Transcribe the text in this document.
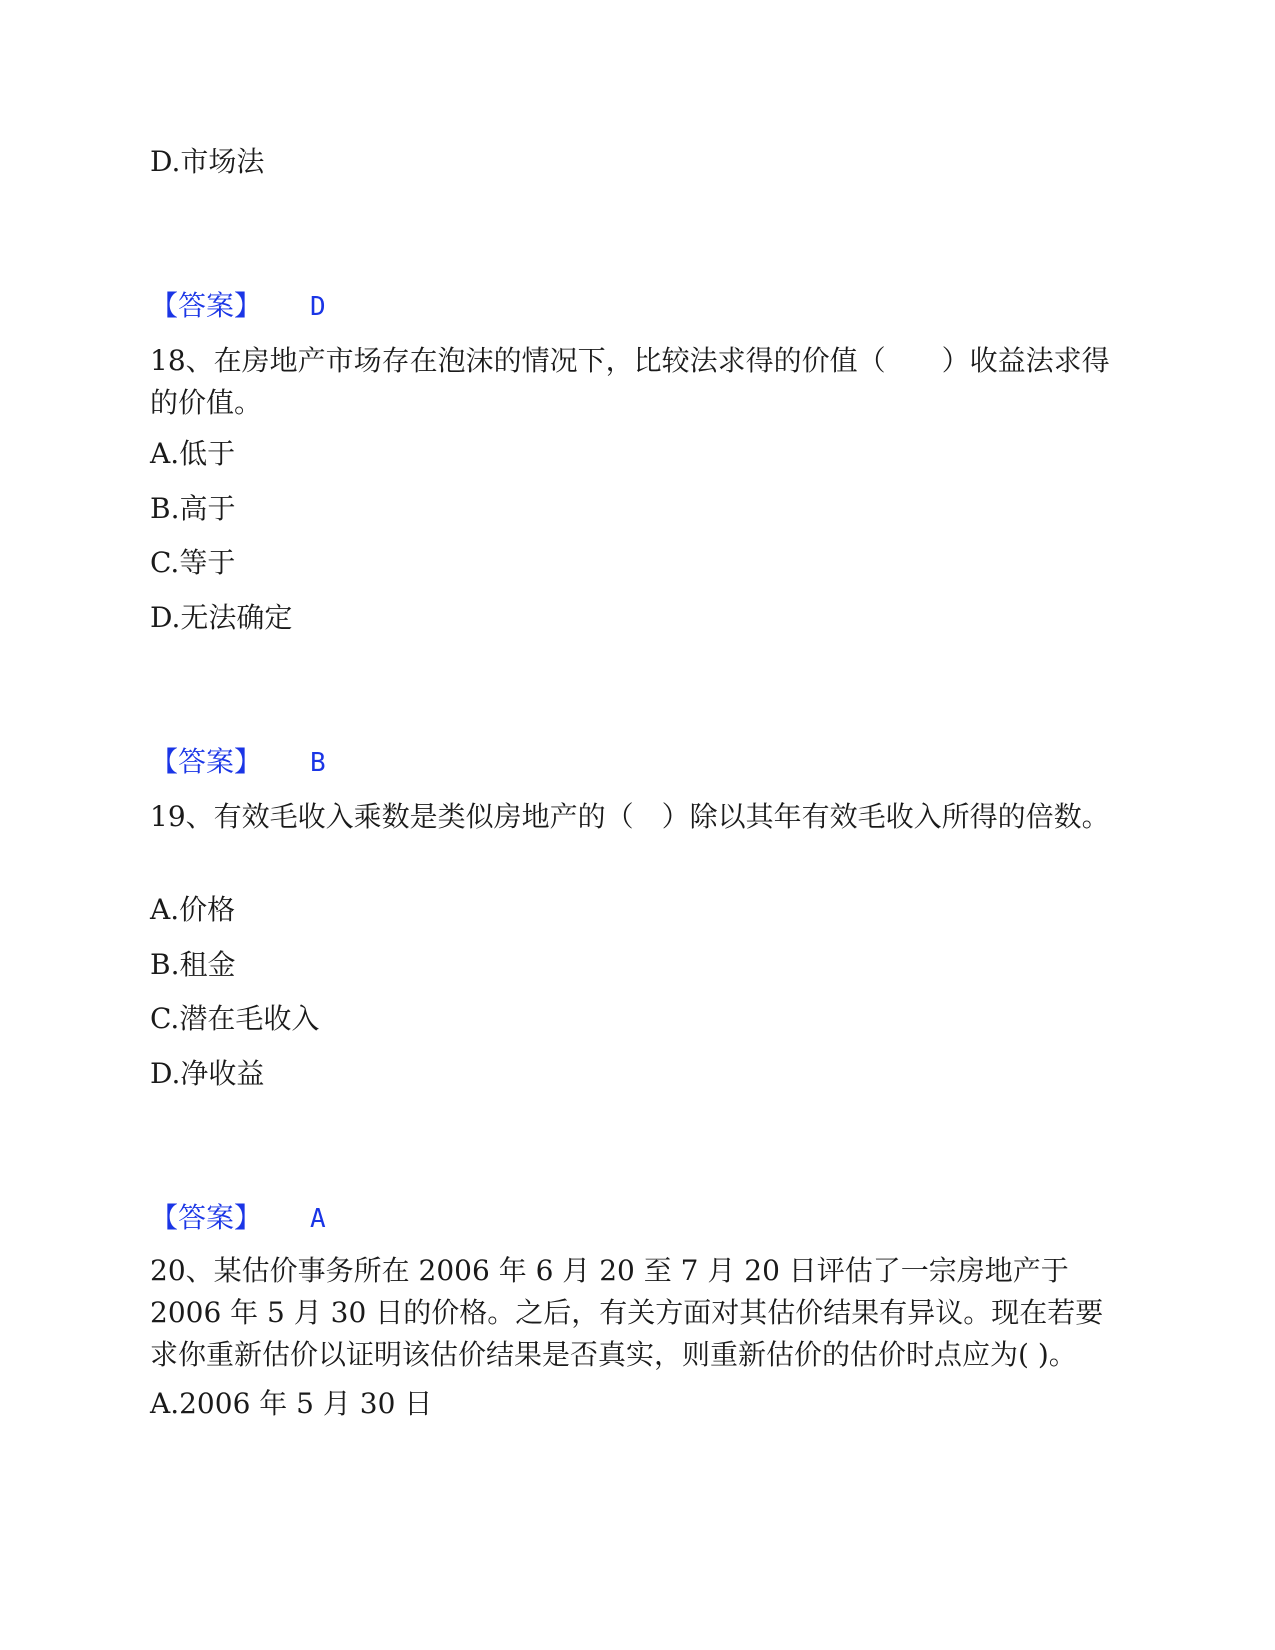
D.市场法
【答案】 D
18、在房地产市场存在泡沫的情况下，比较法求得的价值（　　）收益法求得的价值。
A.低于
B.高于
C.等于
D.无法确定
【答案】 B
19、有效毛收入乘数是类似房地产的（　）除以其年有效毛收入所得的倍数。
A.价格
B.租金
C.潜在毛收入
D.净收益
【答案】 A
20、某估价事务所在 2006 年 6 月 20 至 7 月 20 日评估了一宗房地产于 2006 年 5 月 30 日的价格。之后，有关方面对其估价结果有异议。现在若要求你重新估价以证明该估价结果是否真实，则重新估价的估价时点应为( )。
A.2006 年 5 月 30 日
